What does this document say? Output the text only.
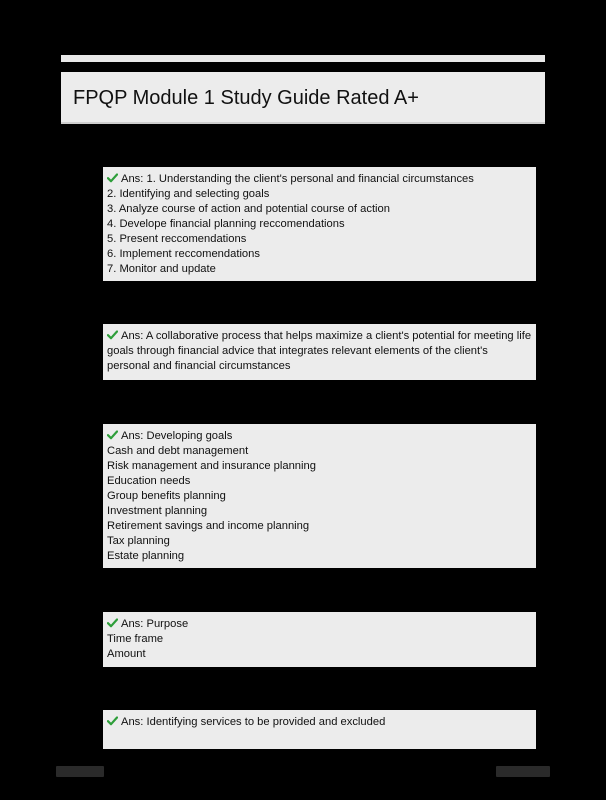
FPQP Module 1 Study Guide Rated A+
Ans: 1. Understanding the client's personal and financial circumstances
2. Identifying and selecting goals
3. Analyze course of action and potential course of action
4. Develope financial planning reccomendations
5. Present reccomendations
6. Implement reccomendations
7. Monitor and update
Ans: A collaborative process that helps maximize a client's potential for meeting life goals through financial advice that integrates relevant elements of the client's personal and financial circumstances
Ans: Developing goals
Cash and debt management
Risk management and insurance planning
Education needs
Group benefits planning
Investment planning
Retirement savings and income planning
Tax planning
Estate planning
Ans: Purpose
Time frame
Amount
Ans: Identifying services to be provided and excluded
